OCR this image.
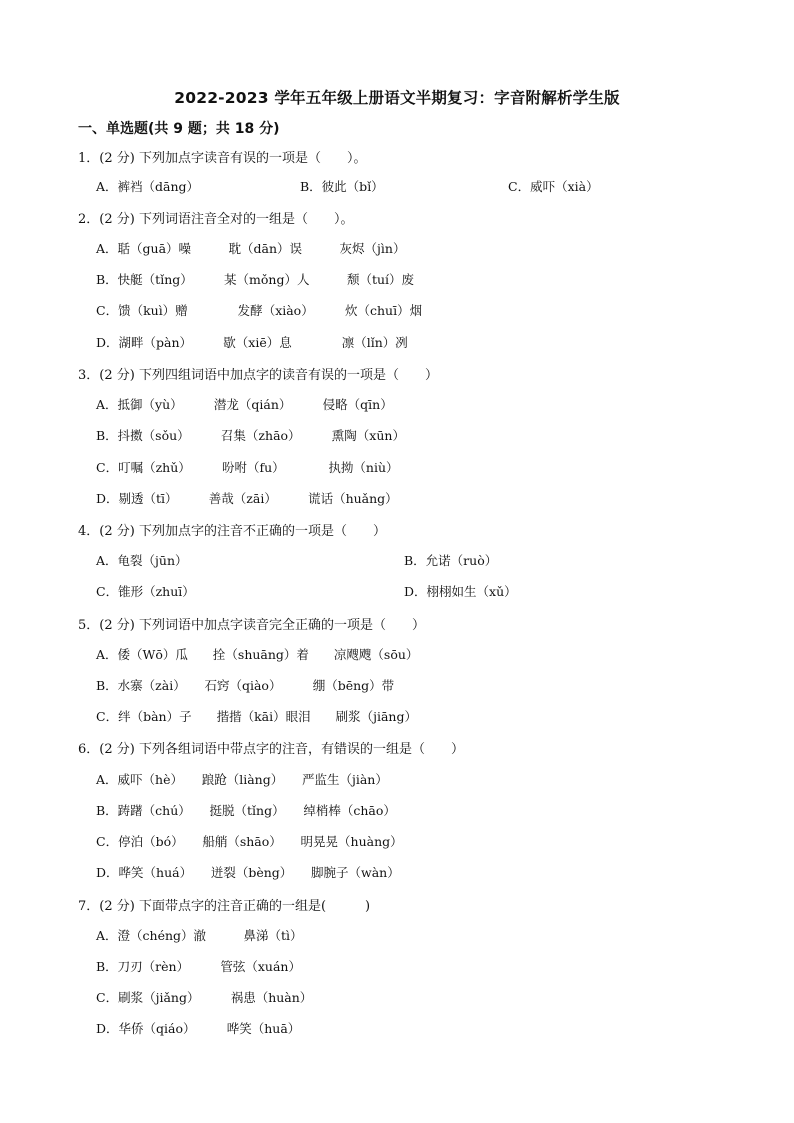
2022-2023 学年五年级上册语文半期复习：字音附解析学生版
一、单选题(共 9 题；共 18 分)
1．(2 分) 下列加点字读音有误的一项是（　　）。
A．裤裆（dāng）	B．彼此（bǐ）	C．威吓（xià）
2．(2 分) 下列词语注音全对的一组是（　　）。
A．聒（guā）噪　　　耽（dān）误　　　灰烬（jìn）
B．快艇（tǐng）　　　某（mǒng）人　　　颓（tuí）废
C．馈（kuì）赠　　　　发酵（xiào）　　　炊（chuī）烟
D．湖畔（pàn）　　　歇（xiē）息　　　　凛（lǐn）冽
3．(2 分) 下列四组词语中加点字的读音有误的一项是（　　）
A．抵御（yù）　　　潜龙（qián）　　　侵略（qīn）
B．抖擞（sǒu）　　　召集（zhāo）　　　熏陶（xūn）
C．叮嘱（zhǔ）　　　吩咐（fu）　　　　执拗（niù）
D．剔透（tī）　　　善哉（zāi）　　　谎话（huǎng）
4．(2 分) 下列加点字的注音不正确的一项是（　　）
A．龟裂（jūn）	B．允诺（ruò）
C．锥形（zhuī）	D．栩栩如生（xǔ）
5．(2 分) 下列词语中加点字读音完全正确的一项是（　　）
A．倭（Wō）瓜　　拴（shuāng）着　　凉飕飕（sōu）
B．水寨（zài）　　石窍（qiào）　　　绷（bēng）带
C．绊（bàn）子　　揩揩（kāi）眼泪　　刷浆（jiāng）
6．(2 分) 下列各组词语中带点字的注音，有错误的一组是（　　）
A．威吓（hè）　　踉跄（liàng）　　严监生（jiàn）
B．踌躇（chú）　　挺脱（tǐng）　　绰梢棒（chāo）
C．停泊（bó）　　船艄（shāo）　　明晃晃（huàng）
D．哗笑（huá）　　迸裂（bèng）　　脚腕子（wàn）
7．(2 分) 下面带点字的注音正确的一组是(　　　)
A．澄（chéng）澈　　　鼻涕（tì）
B．刀刃（rèn）　　　管弦（xuán）
C．刷浆（jiǎng）　　　祸患（huàn）
D．华侨（qiáo）　　　哗笑（huā）
